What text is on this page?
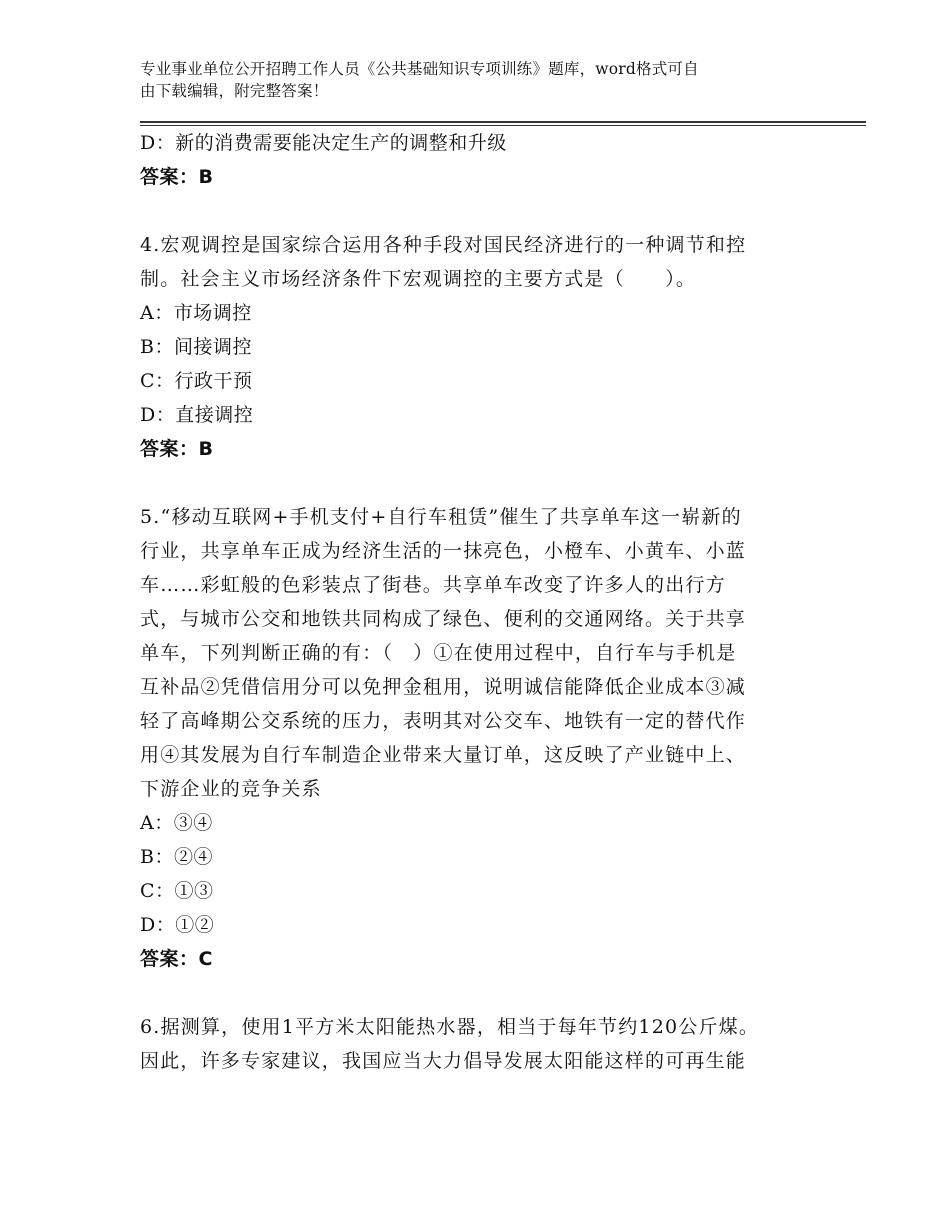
专业事业单位公开招聘工作人员《公共基础知识专项训练》题库，word格式可自
由下载编辑，附完整答案！
D：新的消费需要能决定生产的调整和升级
答案：B
4.宏观调控是国家综合运用各种手段对国民经济进行的一种调节和控
制。社会主义市场经济条件下宏观调控的主要方式是（　　）。
A：市场调控
B：间接调控
C：行政干预
D：直接调控
答案：B
5.“移动互联网+手机支付+自行车租赁”催生了共享单车这一崭新的
行业，共享单车正成为经济生活的一抹亮色，小橙车、小黄车、小蓝
车……彩虹般的色彩装点了街巷。共享单车改变了许多人的出行方
式，与城市公交和地铁共同构成了绿色、便利的交通网络。关于共享
单车，下列判断正确的有：（　）①在使用过程中，自行车与手机是
互补品②凭借信用分可以免押金租用，说明诚信能降低企业成本③减
轻了高峰期公交系统的压力，表明其对公交车、地铁有一定的替代作
用④其发展为自行车制造企业带来大量订单，这反映了产业链中上、
下游企业的竞争关系
A：③④
B：②④
C：①③
D：①②
答案：C
6.据测算，使用1平方米太阳能热水器，相当于每年节约120公斤煤。
因此，许多专家建议，我国应当大力倡导发展太阳能这样的可再生能
